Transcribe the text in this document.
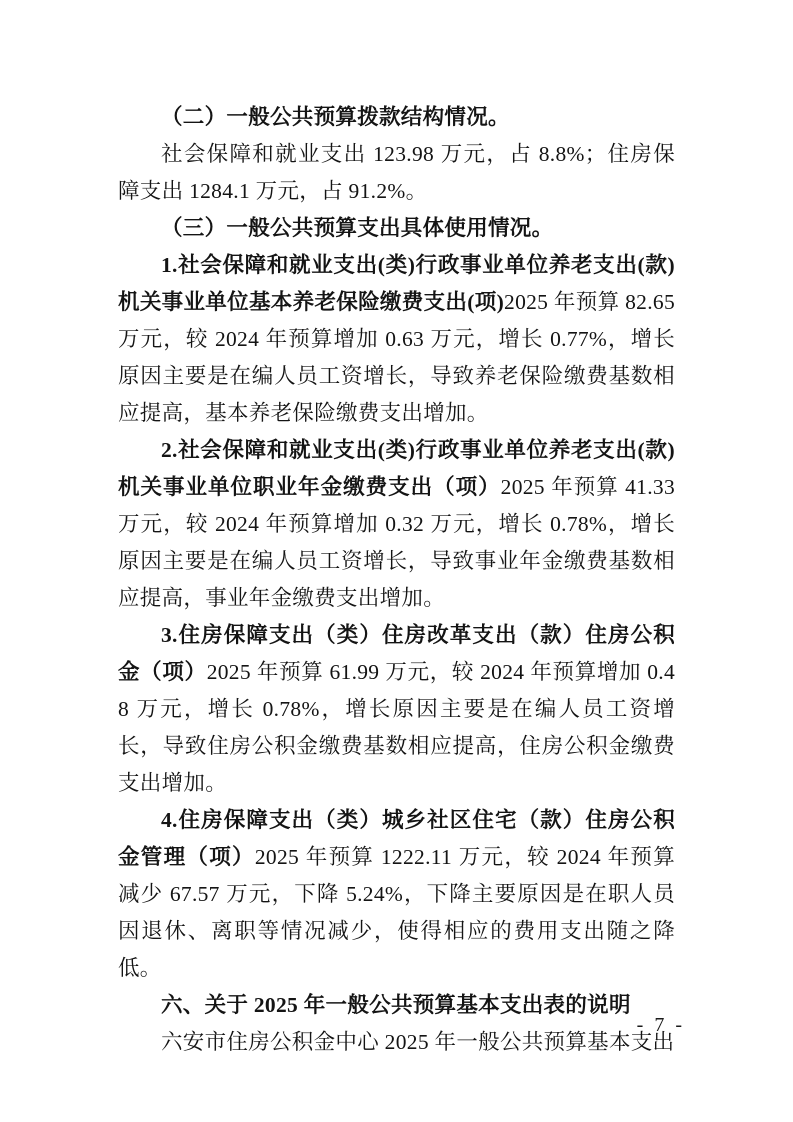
（二）一般公共预算拨款结构情况。

社会保障和就业支出 123.98 万元，占 8.8%；住房保障支出 1284.1 万元，占 91.2%。

（三）一般公共预算支出具体使用情况。

1.社会保障和就业支出(类)行政事业单位养老支出(款)机关事业单位基本养老保险缴费支出(项)2025 年预算 82.65 万元，较 2024 年预算增加 0.63 万元，增长 0.77%，增长原因主要是在编人员工资增长，导致养老保险缴费基数相应提高，基本养老保险缴费支出增加。

2.社会保障和就业支出(类)行政事业单位养老支出(款)机关事业单位职业年金缴费支出（项）2025 年预算 41.33 万元，较 2024 年预算增加 0.32 万元，增长 0.78%，增长原因主要是在编人员工资增长，导致事业年金缴费基数相应提高，事业年金缴费支出增加。

3.住房保障支出（类）住房改革支出（款）住房公积金（项）2025 年预算 61.99 万元，较 2024 年预算增加 0.48 万元，增长 0.78%，增长原因主要是在编人员工资增长，导致住房公积金缴费基数相应提高，住房公积金缴费支出增加。

4.住房保障支出（类）城乡社区住宅（款）住房公积金管理（项）2025 年预算 1222.11 万元，较 2024 年预算减少 67.57 万元，下降 5.24%，下降主要原因是在职人员因退休、离职等情况减少，使得相应的费用支出随之降低。

六、关于 2025 年一般公共预算基本支出表的说明

六安市住房公积金中心 2025 年一般公共预算基本支出

- 7 -
